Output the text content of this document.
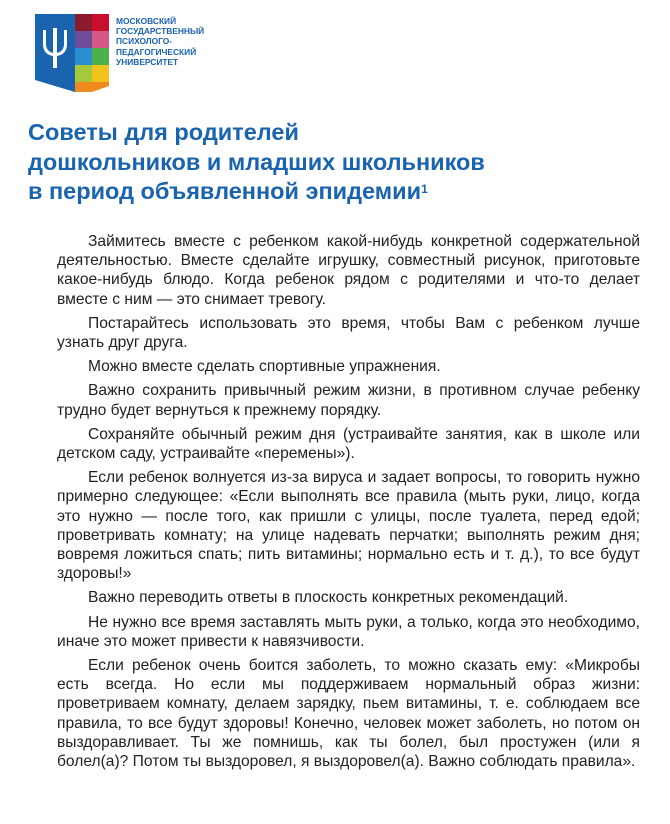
МОСКОВСКИЙ
ГОСУДАРСТВЕННЫЙ
ПСИХОЛОГО-
ПЕДАГОГИЧЕСКИЙ
УНИВЕРСИТЕТ
Советы для родителей
дошкольников и младших школьников
в период объявленной эпидемии$^1$

Займитесь вместе с ребенком какой-нибудь конкретной содержательной деятельностью. Вместе сделайте игрушку, совместный рисунок, приготовьте какое-нибудь блюдо. Когда ребенок рядом с родителями и что-то делает вместе с ним — это снимает тревогу.

Постарайтесь использовать это время, чтобы Вам с ребенком лучше узнать друг друга.

Можно вместе сделать спортивные упражнения.

Важно сохранить привычный режим жизни, в противном случае ребенку трудно будет вернуться к прежнему порядку.

Сохраняйте обычный режим дня (устраивайте занятия, как в школе или детском саду, устраивайте «перемены»).

Если ребенок волнуется из-за вируса и задает вопросы, то говорить нужно примерно следующее: «Если выполнять все правила (мыть руки, лицо, когда это нужно — после того, как пришли с улицы, после туалета, перед едой; проветривать комнату; на улице надевать перчатки; выполнять режим дня; вовремя ложиться спать; пить витамины; нормально есть и т. д.), то все будут здоровы!»

Важно переводить ответы в плоскость конкретных рекомендаций.

Не нужно все время заставлять мыть руки, а только, когда это необходимо, иначе это может привести к навязчивости.

Если ребенок очень боится заболеть, то можно сказать ему: «Микробы есть всегда. Но если мы поддерживаем нормальный образ жизни: проветриваем комнату, делаем зарядку, пьем витамины, т. е. соблюдаем все правила, то все будут здоровы! Конечно, человек может заболеть, но потом он выздоравливает. Ты же помнишь, как ты болел, был простужен (или я болел(а)? Потом ты выздоровел, я выздоровел(а). Важно соблюдать правила».
